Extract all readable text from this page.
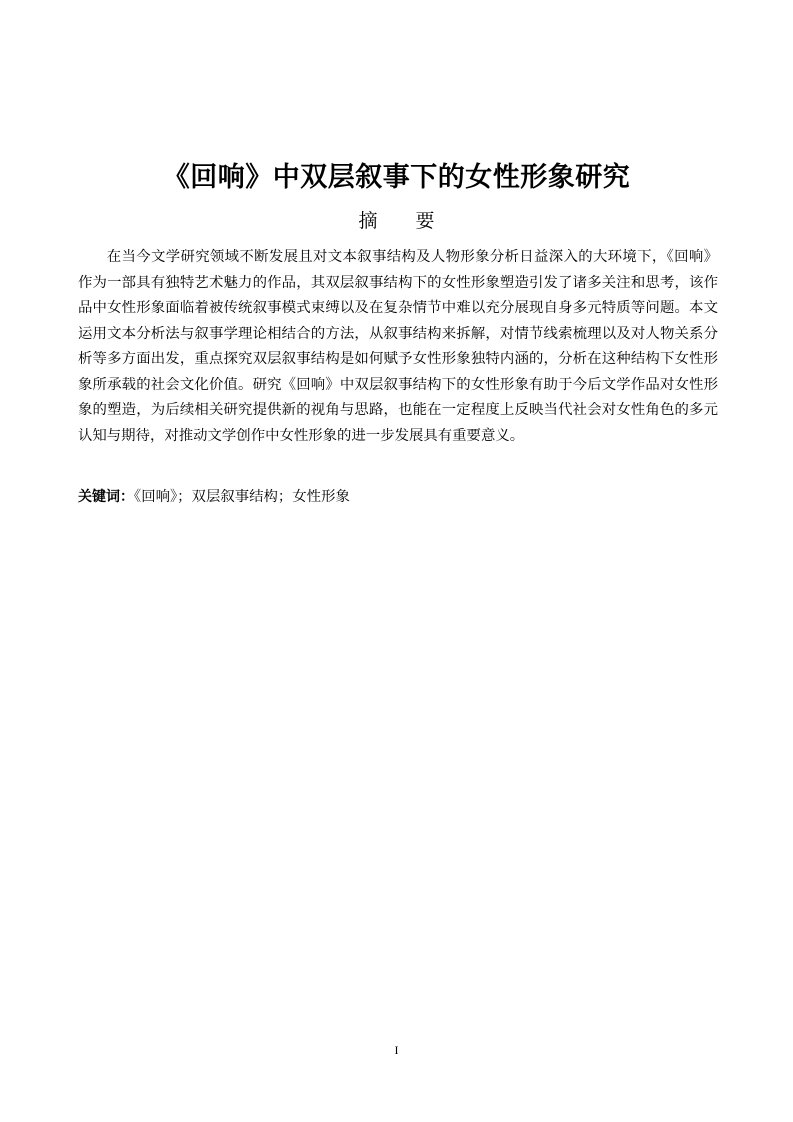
《回响》中双层叙事下的女性形象研究
摘 要

在当今文学研究领域不断发展且对文本叙事结构及人物形象分析日益深入的大环境下，《回响》作为一部具有独特艺术魅力的作品，其双层叙事结构下的女性形象塑造引发了诸多关注和思考，该作品中女性形象面临着被传统叙事模式束缚以及在复杂情节中难以充分展现自身多元特质等问题。本文运用文本分析法与叙事学理论相结合的方法，从叙事结构来拆解，对情节线索梳理以及对人物关系分析等多方面出发，重点探究双层叙事结构是如何赋予女性形象独特内涵的，分析在这种结构下女性形象所承载的社会文化价值。研究《回响》中双层叙事结构下的女性形象有助于今后文学作品对女性形象的塑造，为后续相关研究提供新的视角与思路，也能在一定程度上反映当代社会对女性角色的多元认知与期待，对推动文学创作中女性形象的进一步发展具有重要意义。

关键词：《回响》；双层叙事结构；女性形象
I
